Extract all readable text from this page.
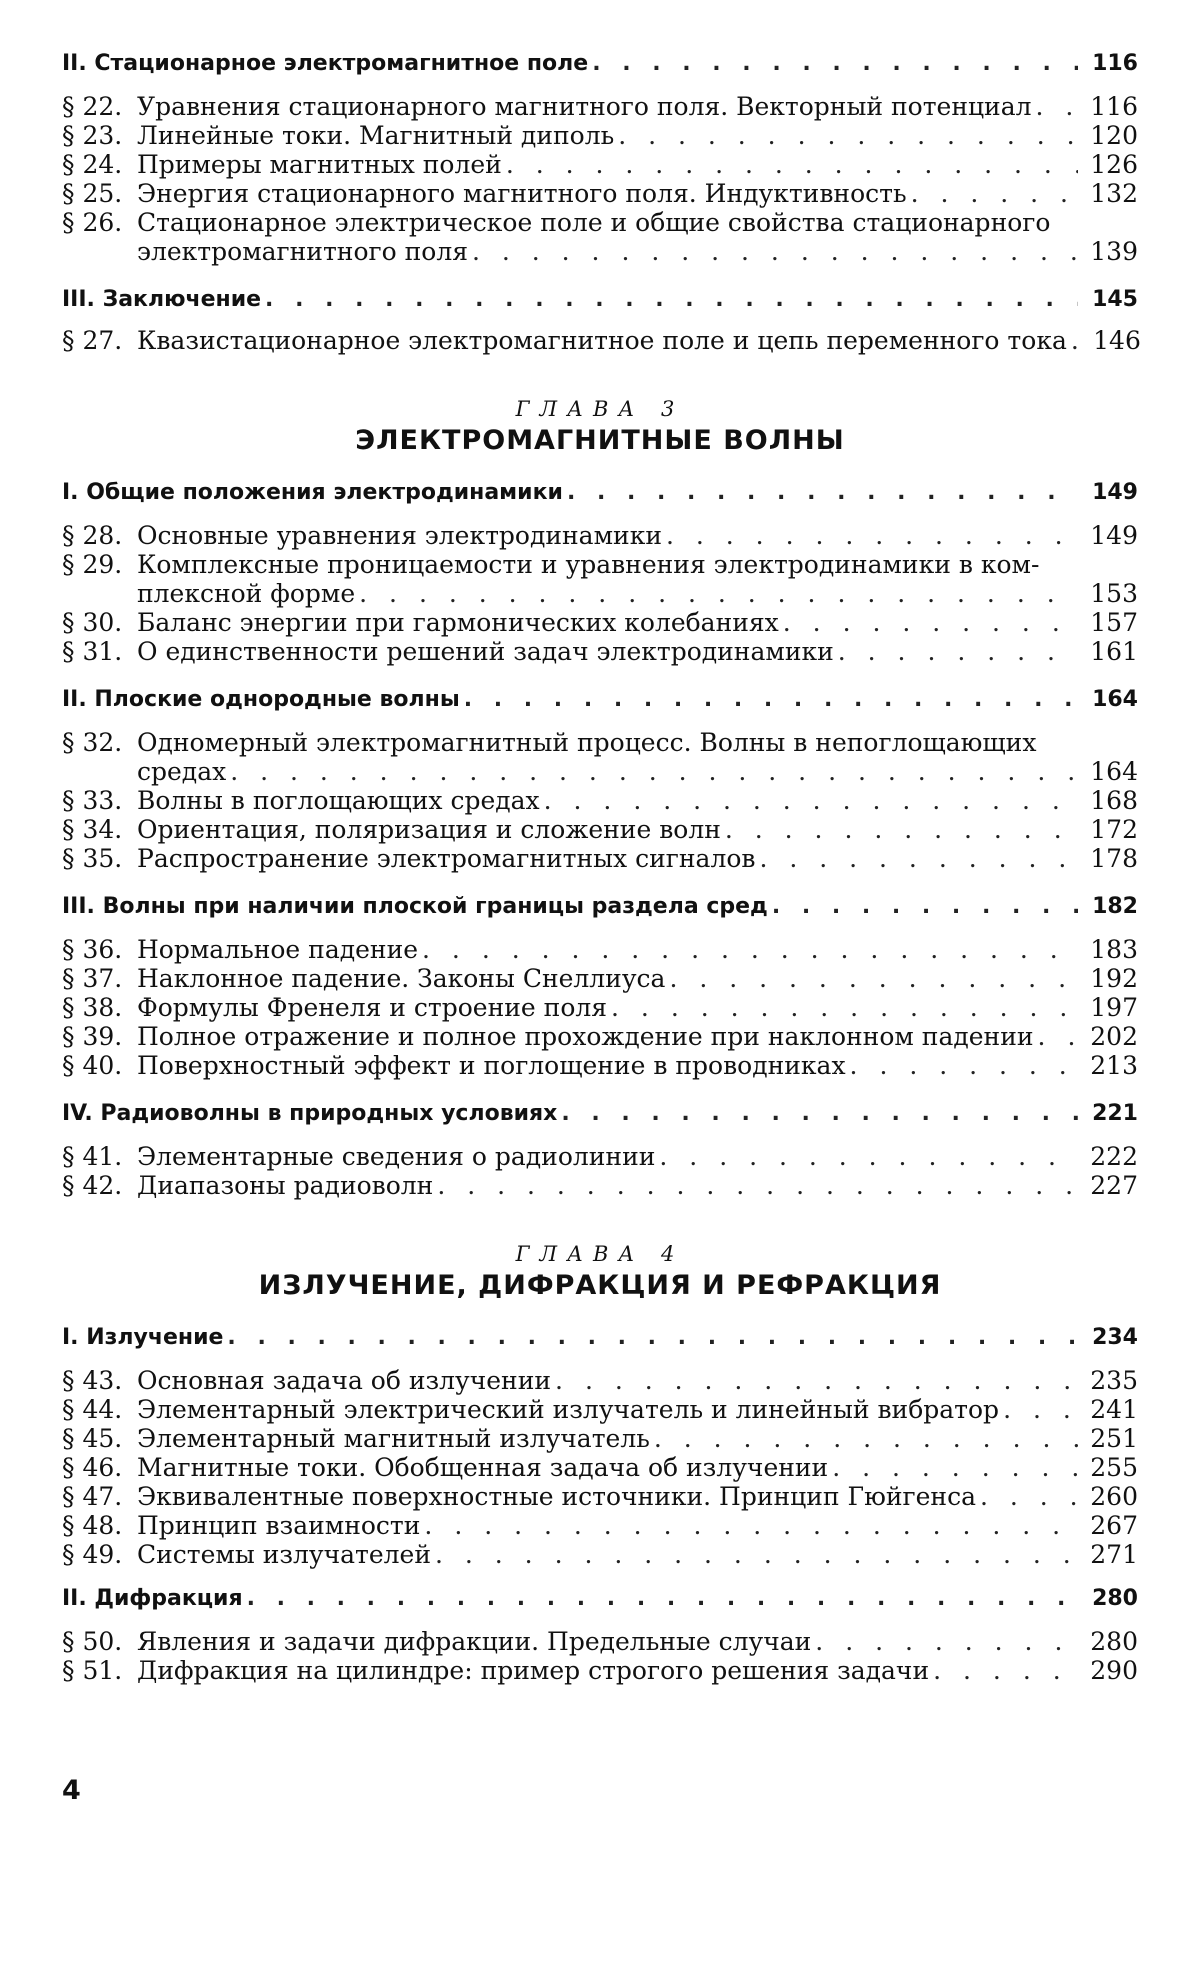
II. Стационарное электромагнитное поле
. . .	116
§ 22. Уравнения стационарного магнитного поля. Векторный потенциал
. . .	116
§ 23. Линейные токи. Магнитный диполь
. . .	120
§ 24. Примеры магнитных полей
. . .	126
§ 25. Энергия стационарного магнитного поля. Индуктивность
. . .	132
§ 26. Стационарное электрическое поле и общие свойства стационарного
электромагнитного поля
. . .	139
III. Заключение
. . .	145
§ 27. Квазистационарное электромагнитное поле и цепь переменного тока
. . .	146
ГЛАВА 3
ЭЛЕКТРОМАГНИТНЫЕ ВОЛНЫ
I. Общие положения электродинамики
. . .	149
§ 28. Основные уравнения электродинамики
. . .	149
§ 29. Комплексные проницаемости и уравнения электродинамики в ком-
плексной форме
. . .	153
§ 30. Баланс энергии при гармонических колебаниях
. . .	157
§ 31. О единственности решений задач электродинамики
. . .	161
II. Плоские однородные волны
. . .	164
§ 32. Одномерный электромагнитный процесс. Волны в непоглощающих
средах
. . .	164
§ 33. Волны в поглощающих средах
. . .	168
§ 34. Ориентация, поляризация и сложение волн
. . .	172
§ 35. Распространение электромагнитных сигналов
. . .	178
III. Волны при наличии плоской границы раздела сред
. . .	182
§ 36. Нормальное падение
. . .	183
§ 37. Наклонное падение. Законы Снеллиуса
. . .	192
§ 38. Формулы Френеля и строение поля
. . .	197
§ 39. Полное отражение и полное прохождение при наклонном падении
. . .	202
§ 40. Поверхностный эффект и поглощение в проводниках
. . .	213
IV. Радиоволны в природных условиях
. . .	221
§ 41. Элементарные сведения о радиолинии
. . .	222
§ 42. Диапазоны радиоволн
. . .	227
ГЛАВА 4
ИЗЛУЧЕНИЕ, ДИФРАКЦИЯ И РЕФРАКЦИЯ
I. Излучение
. . .	234
§ 43. Основная задача об излучении
. . .	235
§ 44. Элементарный электрический излучатель и линейный вибратор
. . .	241
§ 45. Элементарный магнитный излучатель
. . .	251
§ 46. Магнитные токи. Обобщенная задача об излучении
. . .	255
§ 47. Эквивалентные поверхностные источники. Принцип Гюйгенса
. . .	260
§ 48. Принцип взаимности
. . .	267
§ 49. Системы излучателей
. . .	271
II. Дифракция
. . .	280
§ 50. Явления и задачи дифракции. Предельные случаи
. . .	280
§ 51. Дифракция на цилиндре: пример строгого решения задачи
. . .	290
4
